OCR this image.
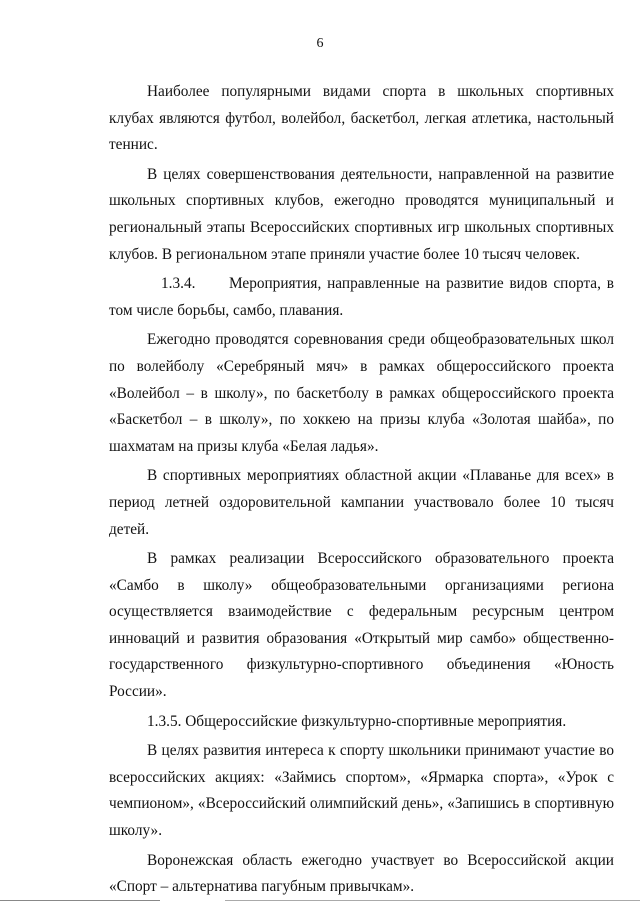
6

Наиболее популярными видами спорта в школьных спортивных клубах являются футбол, волейбол, баскетбол, легкая атлетика, настольный теннис.

В целях совершенствования деятельности, направленной на развитие школьных спортивных клубов, ежегодно проводятся муниципальный и региональный этапы Всероссийских спортивных игр школьных спортивных клубов. В региональном этапе приняли участие более 10 тысяч человек.

1.3.4. Мероприятия, направленные на развитие видов спорта, в том числе борьбы, самбо, плавания.

Ежегодно проводятся соревнования среди общеобразовательных школ по волейболу «Серебряный мяч» в рамках общероссийского проекта «Волейбол – в школу», по баскетболу в рамках общероссийского проекта «Баскетбол – в школу», по хоккею на призы клуба «Золотая шайба», по шахматам на призы клуба «Белая ладья».

В спортивных мероприятиях областной акции «Плаванье для всех» в период летней оздоровительной кампании участвовало более 10 тысяч детей.

В рамках реализации Всероссийского образовательного проекта «Самбо в школу» общеобразовательными организациями региона осуществляется взаимодействие с федеральным ресурсным центром инноваций и развития образования «Открытый мир самбо» общественно-государственного физкультурно-спортивного объединения «Юность России».

1.3.5. Общероссийские физкультурно-спортивные мероприятия.

В целях развития интереса к спорту школьники принимают участие во всероссийских акциях: «Займись спортом», «Ярмарка спорта», «Урок с чемпионом», «Всероссийский олимпийский день», «Запишись в спортивную школу».

Воронежская область ежегодно участвует во Всероссийской акции «Спорт – альтернатива пагубным привычкам».
